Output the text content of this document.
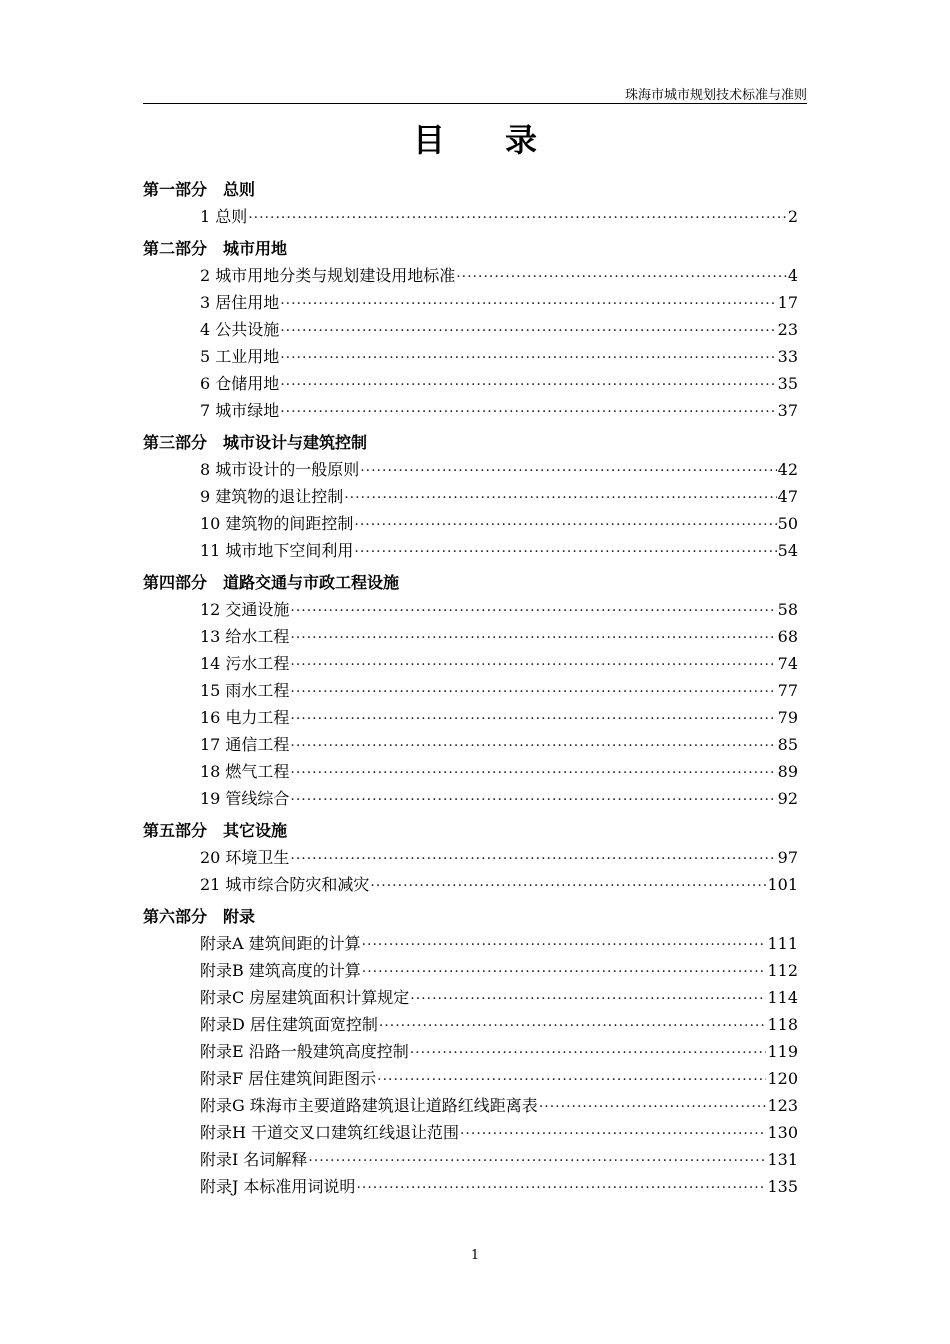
珠海市城市规划技术标准与准则
目录
第一部分　总则
1 总则 ·····	2
第二部分　城市用地
2 城市用地分类与规划建设用地标准 ·····	4
3 居住用地 ·····	17
4 公共设施 ·····	23
5 工业用地 ·····	33
6 仓储用地 ·····	35
7 城市绿地 ·····	37
第三部分　城市设计与建筑控制
8 城市设计的一般原则 ·····	42
9 建筑物的退让控制 ·····	47
10 建筑物的间距控制 ·····	50
11 城市地下空间利用 ·····	54
第四部分　道路交通与市政工程设施
12 交通设施 ·····	58
13 给水工程 ·····	68
14 污水工程 ·····	74
15 雨水工程 ·····	77
16 电力工程 ·····	79
17 通信工程 ·····	85
18 燃气工程 ·····	89
19 管线综合 ·····	92
第五部分　其它设施
20 环境卫生 ·····	97
21 城市综合防灾和减灾 ·····	101
第六部分　附录
附录A 建筑间距的计算 ·····	111
附录B 建筑高度的计算 ·····	112
附录C 房屋建筑面积计算规定 ·····	114
附录D 居住建筑面宽控制 ·····	118
附录E 沿路一般建筑高度控制 ·····	119
附录F 居住建筑间距图示 ·····	120
附录G 珠海市主要道路建筑退让道路红线距离表 ·····	123
附录H 干道交叉口建筑红线退让范围 ·····	130
附录I 名词解释 ·····	131
附录J 本标准用词说明 ·····	135
1
